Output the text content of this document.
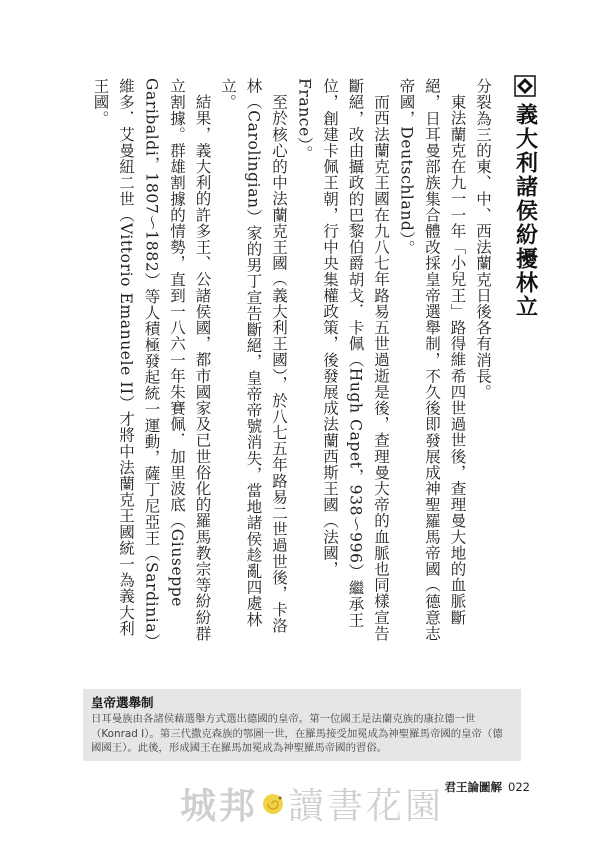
義大利諸侯紛擾林立

分裂為三的東、中、西法蘭克日後各有消長。

東法蘭克在九一一年「小兒王」路得維希四世過世後，查理曼大地的血脈斷絕，日耳曼部族集合體改採皇帝選舉制，不久後即發展成神聖羅馬帝國（德意志帝國，Deutschland）。

而西法蘭克王國在九八七年路易五世過逝是後，查理曼大帝的血脈也同樣宣告斷絕，改由攝政的巴黎伯爵胡戈．卡佩（Hugh Capet，938～996）繼承王位，創建卡佩王朝，行中央集權政策，後發展成法蘭西斯王國（法國，France）。

至於核心的中法蘭克王國（義大利王國），於八七五年路易二世過世後，卡洛林（Carolingian）家的男丁宣告斷絕，皇帝帝號消失，當地諸侯趁亂四處林立。

結果，義大利的許多王、公諸侯國，都市國家及已世俗化的羅馬教宗等紛紛群立割據。群雄割據的情勢，直到一八六一年朱賽佩．加里波底（Giuseppe Garibaldi，1807～1882）等人積極發起統一運動，薩丁尼亞王（Sardinia）維多．艾曼紐二世（Vittorio Emanuele II）才將中法蘭克王國統一為義大利王國。

皇帝選舉制
日耳曼族由各諸侯藉選舉方式選出德國的皇帝。第一位國王是法蘭克族的康拉德一世（Konrad I）。第三代撒克森族的鄂圖一世，在羅馬接受加冕成為神聖羅馬帝國的皇帝（德國國王）。此後，形成國王在羅馬加冕成為神聖羅馬帝國的習俗。
城邦 讀書花園 君王論圖解 022
